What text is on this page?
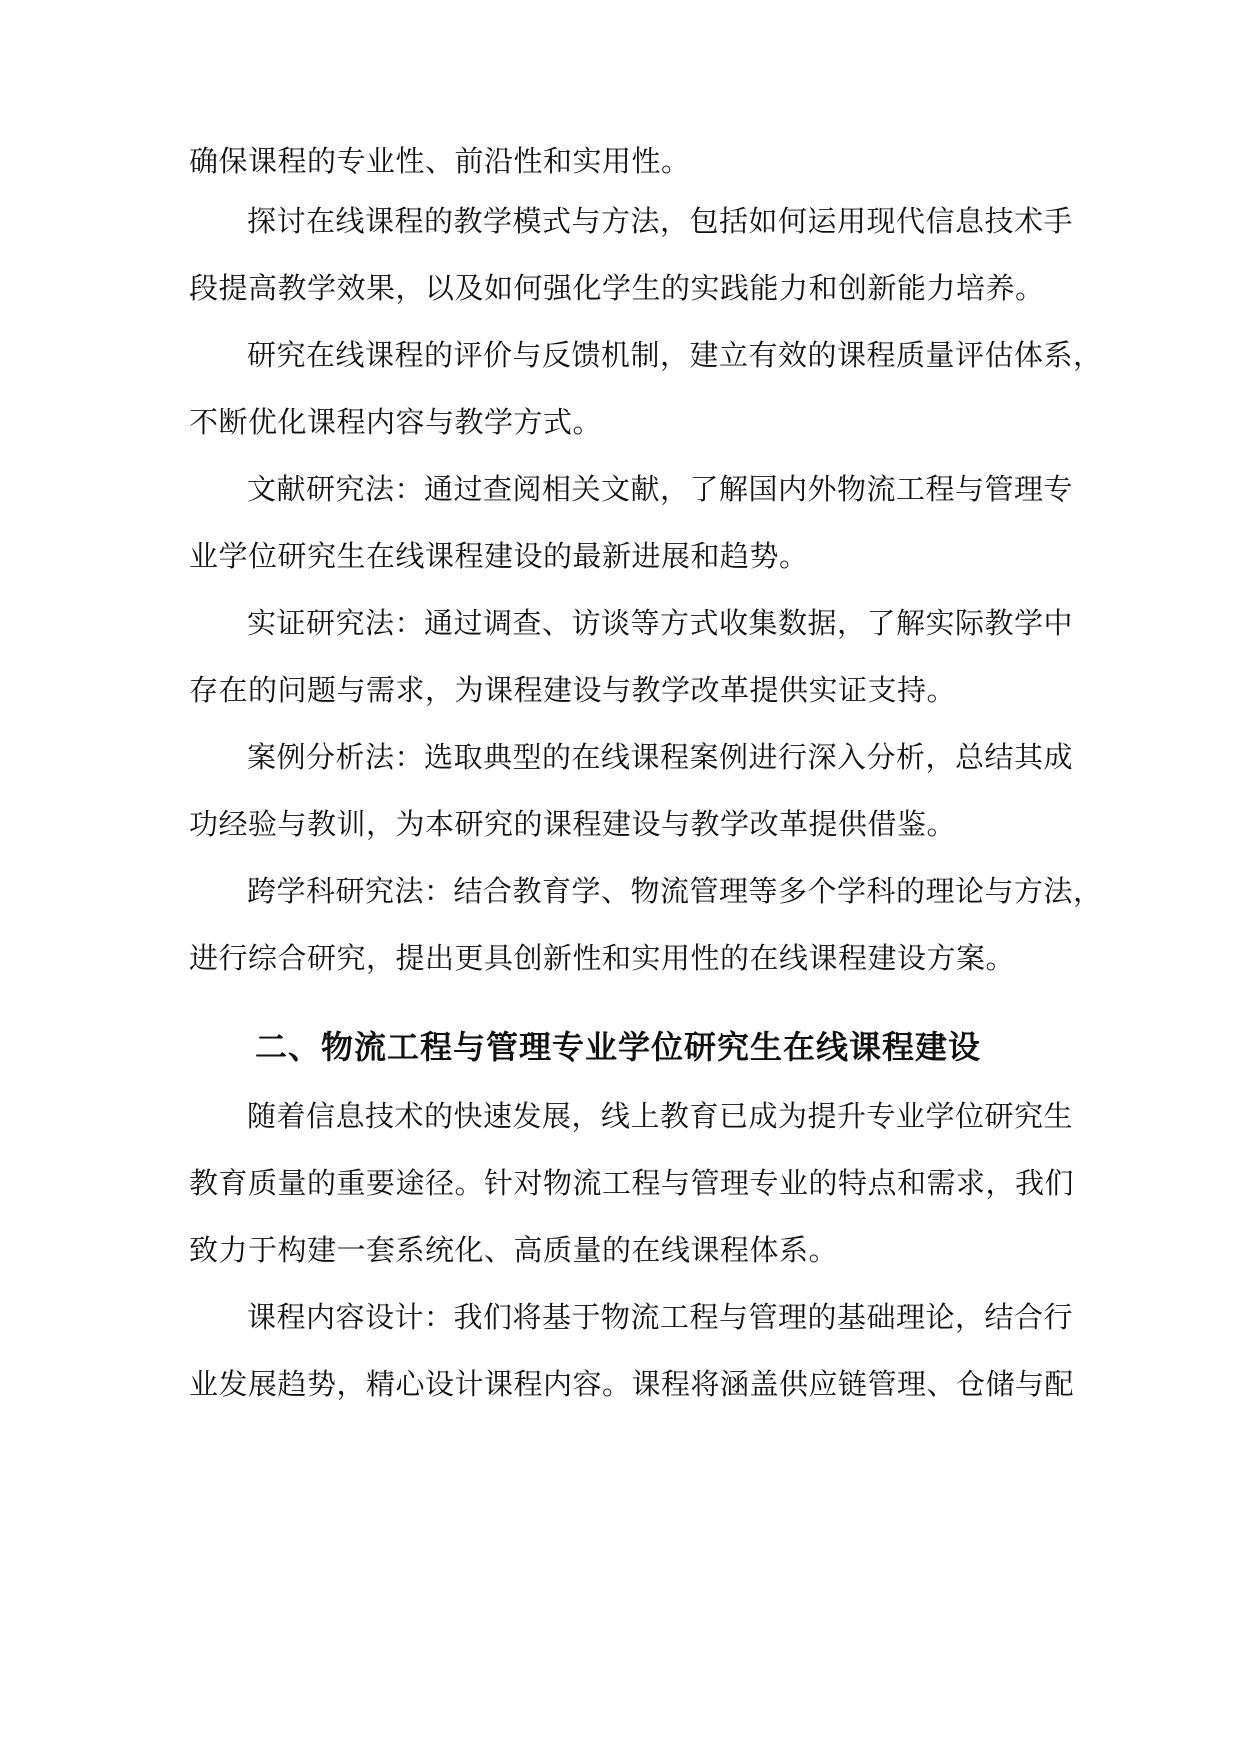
确保课程的专业性、前沿性和实用性。
探讨在线课程的教学模式与方法，包括如何运用现代信息技术手
段提高教学效果，以及如何强化学生的实践能力和创新能力培养。
研究在线课程的评价与反馈机制，建立有效的课程质量评估体系，
不断优化课程内容与教学方式。
文献研究法：通过查阅相关文献，了解国内外物流工程与管理专
业学位研究生在线课程建设的最新进展和趋势。
实证研究法：通过调查、访谈等方式收集数据，了解实际教学中
存在的问题与需求，为课程建设与教学改革提供实证支持。
案例分析法：选取典型的在线课程案例进行深入分析，总结其成
功经验与教训，为本研究的课程建设与教学改革提供借鉴。
跨学科研究法：结合教育学、物流管理等多个学科的理论与方法，
进行综合研究，提出更具创新性和实用性的在线课程建设方案。
二、物流工程与管理专业学位研究生在线课程建设
随着信息技术的快速发展，线上教育已成为提升专业学位研究生
教育质量的重要途径。针对物流工程与管理专业的特点和需求，我们
致力于构建一套系统化、高质量的在线课程体系。
课程内容设计：我们将基于物流工程与管理的基础理论，结合行
业发展趋势，精心设计课程内容。课程将涵盖供应链管理、仓储与配
